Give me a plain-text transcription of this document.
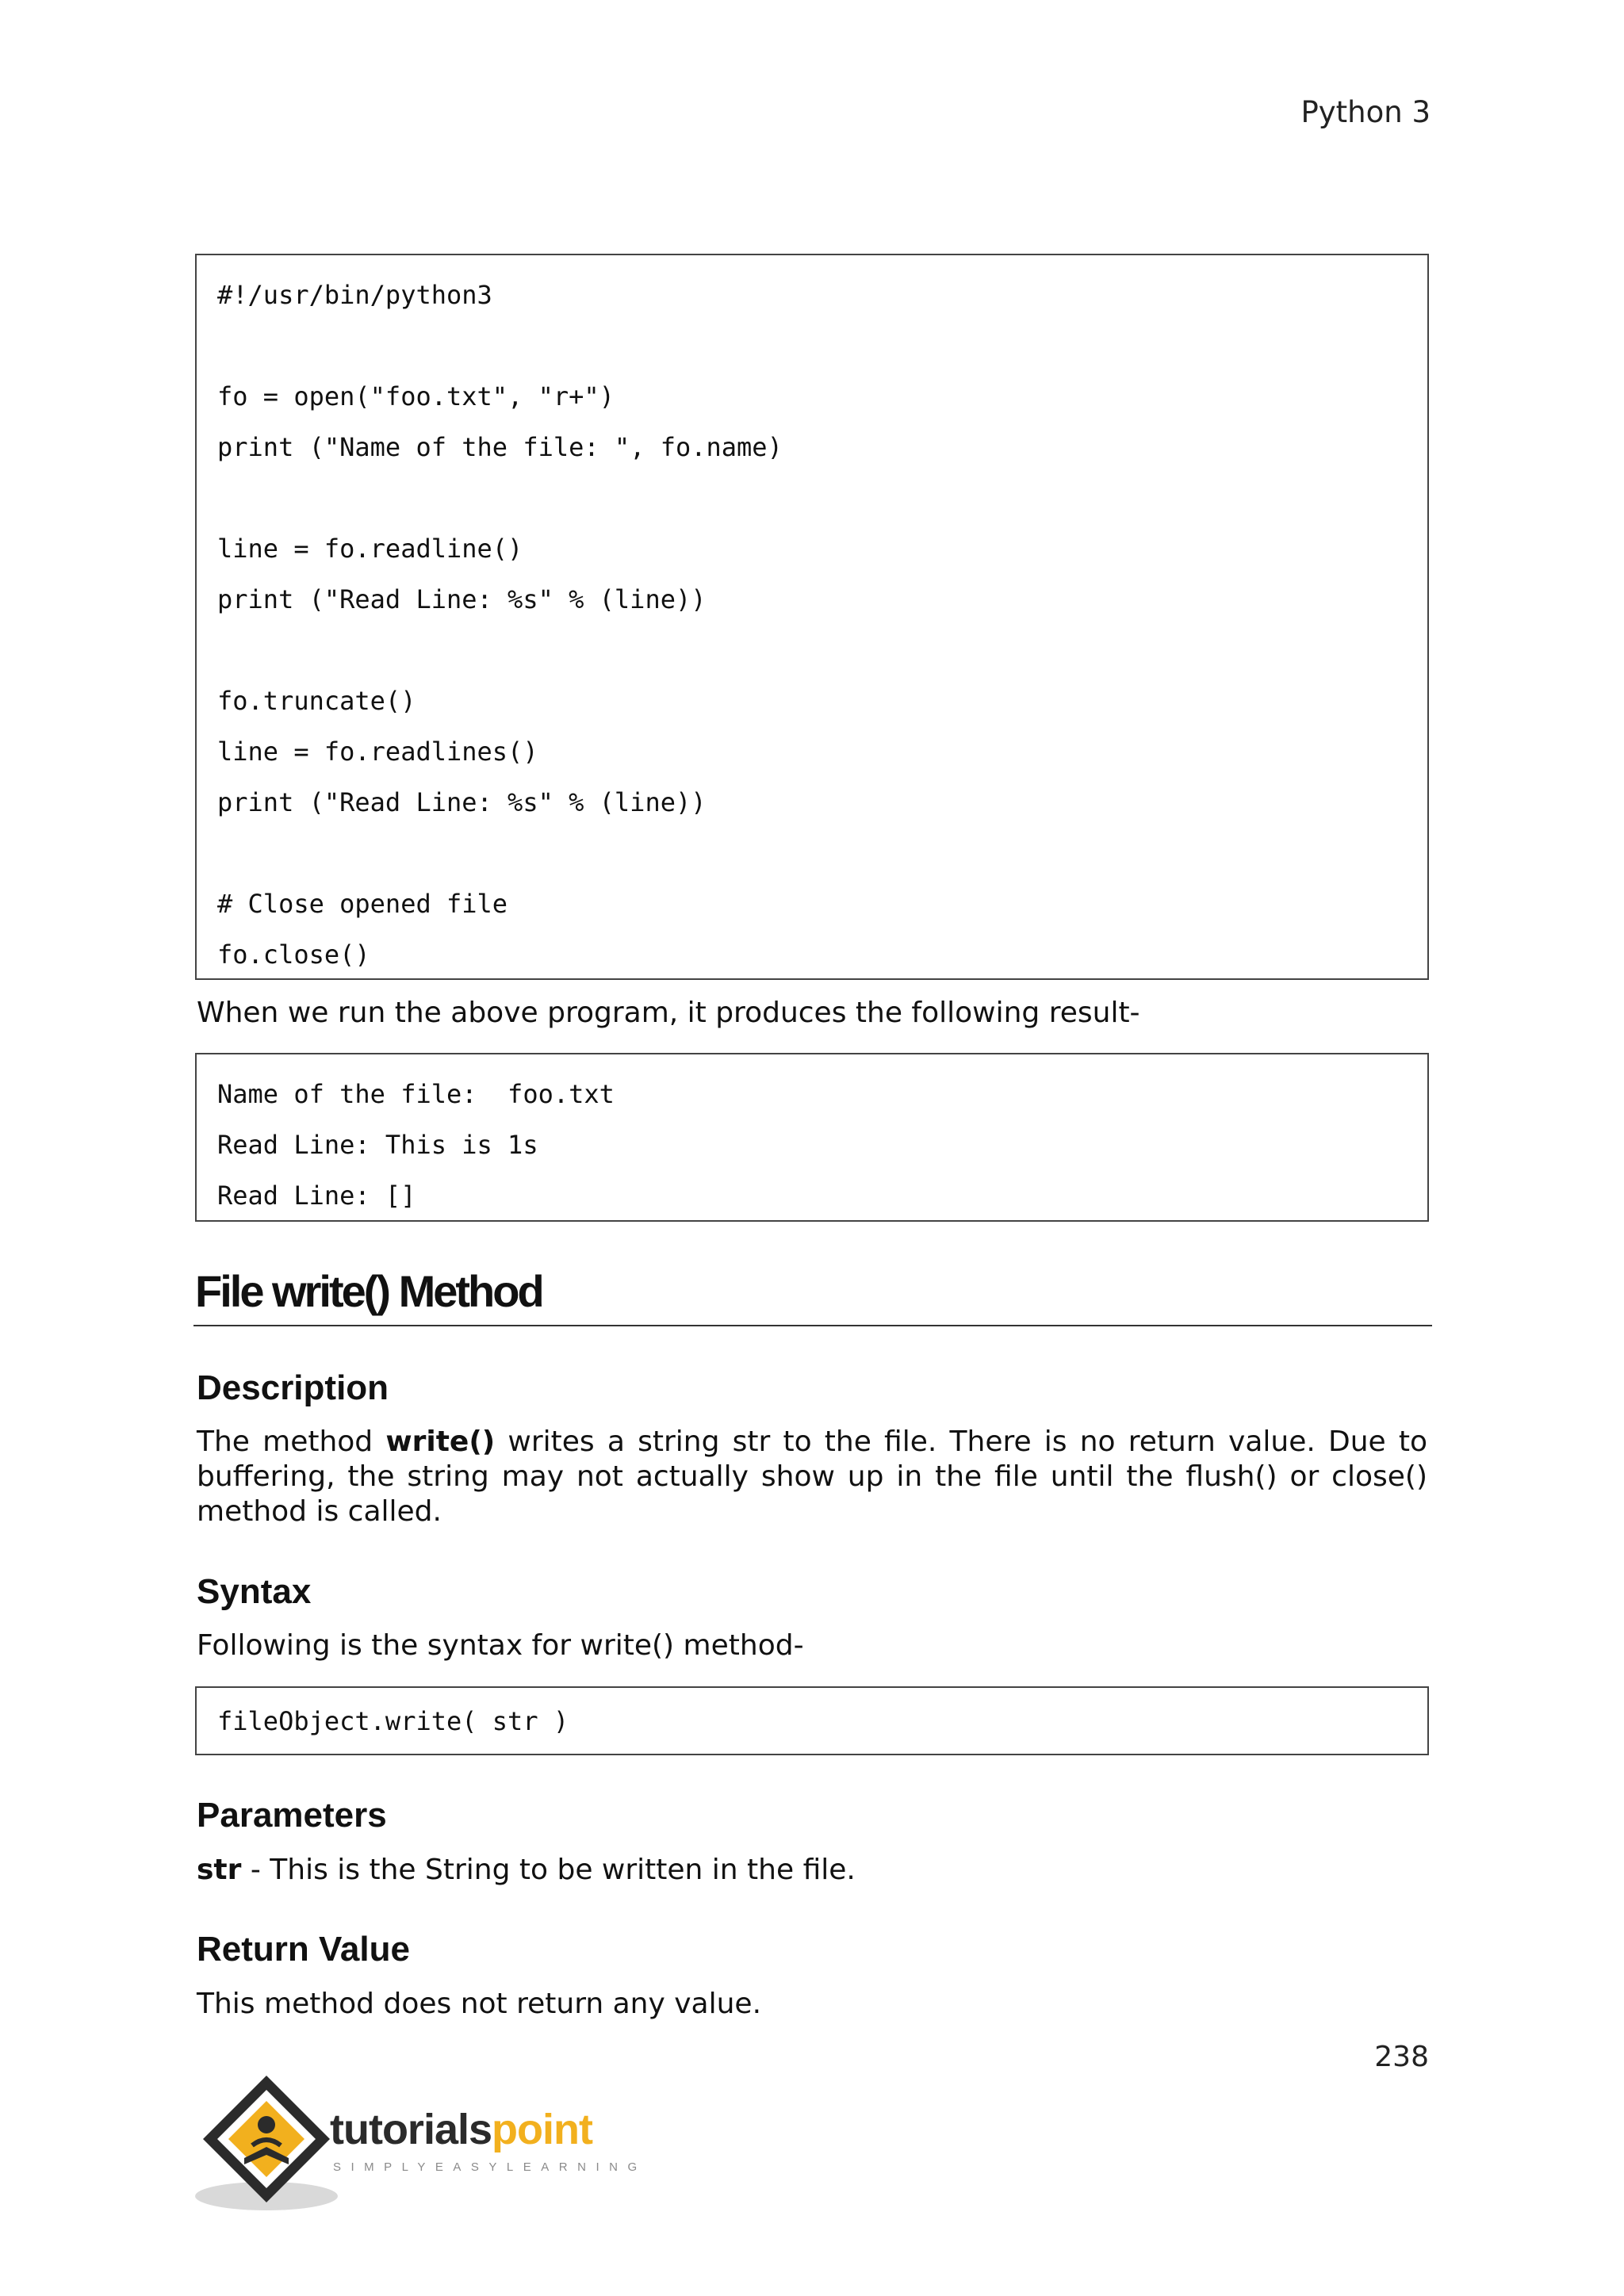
Python 3
#!/usr/bin/python3
fo = open("foo.txt", "r+")
print ("Name of the file: ", fo.name)
line = fo.readline()
print ("Read Line: %s" % (line))
fo.truncate()
line = fo.readlines()
print ("Read Line: %s" % (line))
# Close opened file
fo.close()
When we run the above program, it produces the following result-
Name of the file:  foo.txt
Read Line: This is 1s
Read Line: []
File write() Method
Description
The method write() writes a string str to the file. There is no return value. Due to buffering, the string may not actually show up in the file until the flush() or close() method is called.
Syntax
Following is the syntax for write() method-
fileObject.write( str )
Parameters
str - This is the String to be written in the file.
Return Value
This method does not return any value.
238
tutorialspoint
SIMPLYEASYLEARNING
